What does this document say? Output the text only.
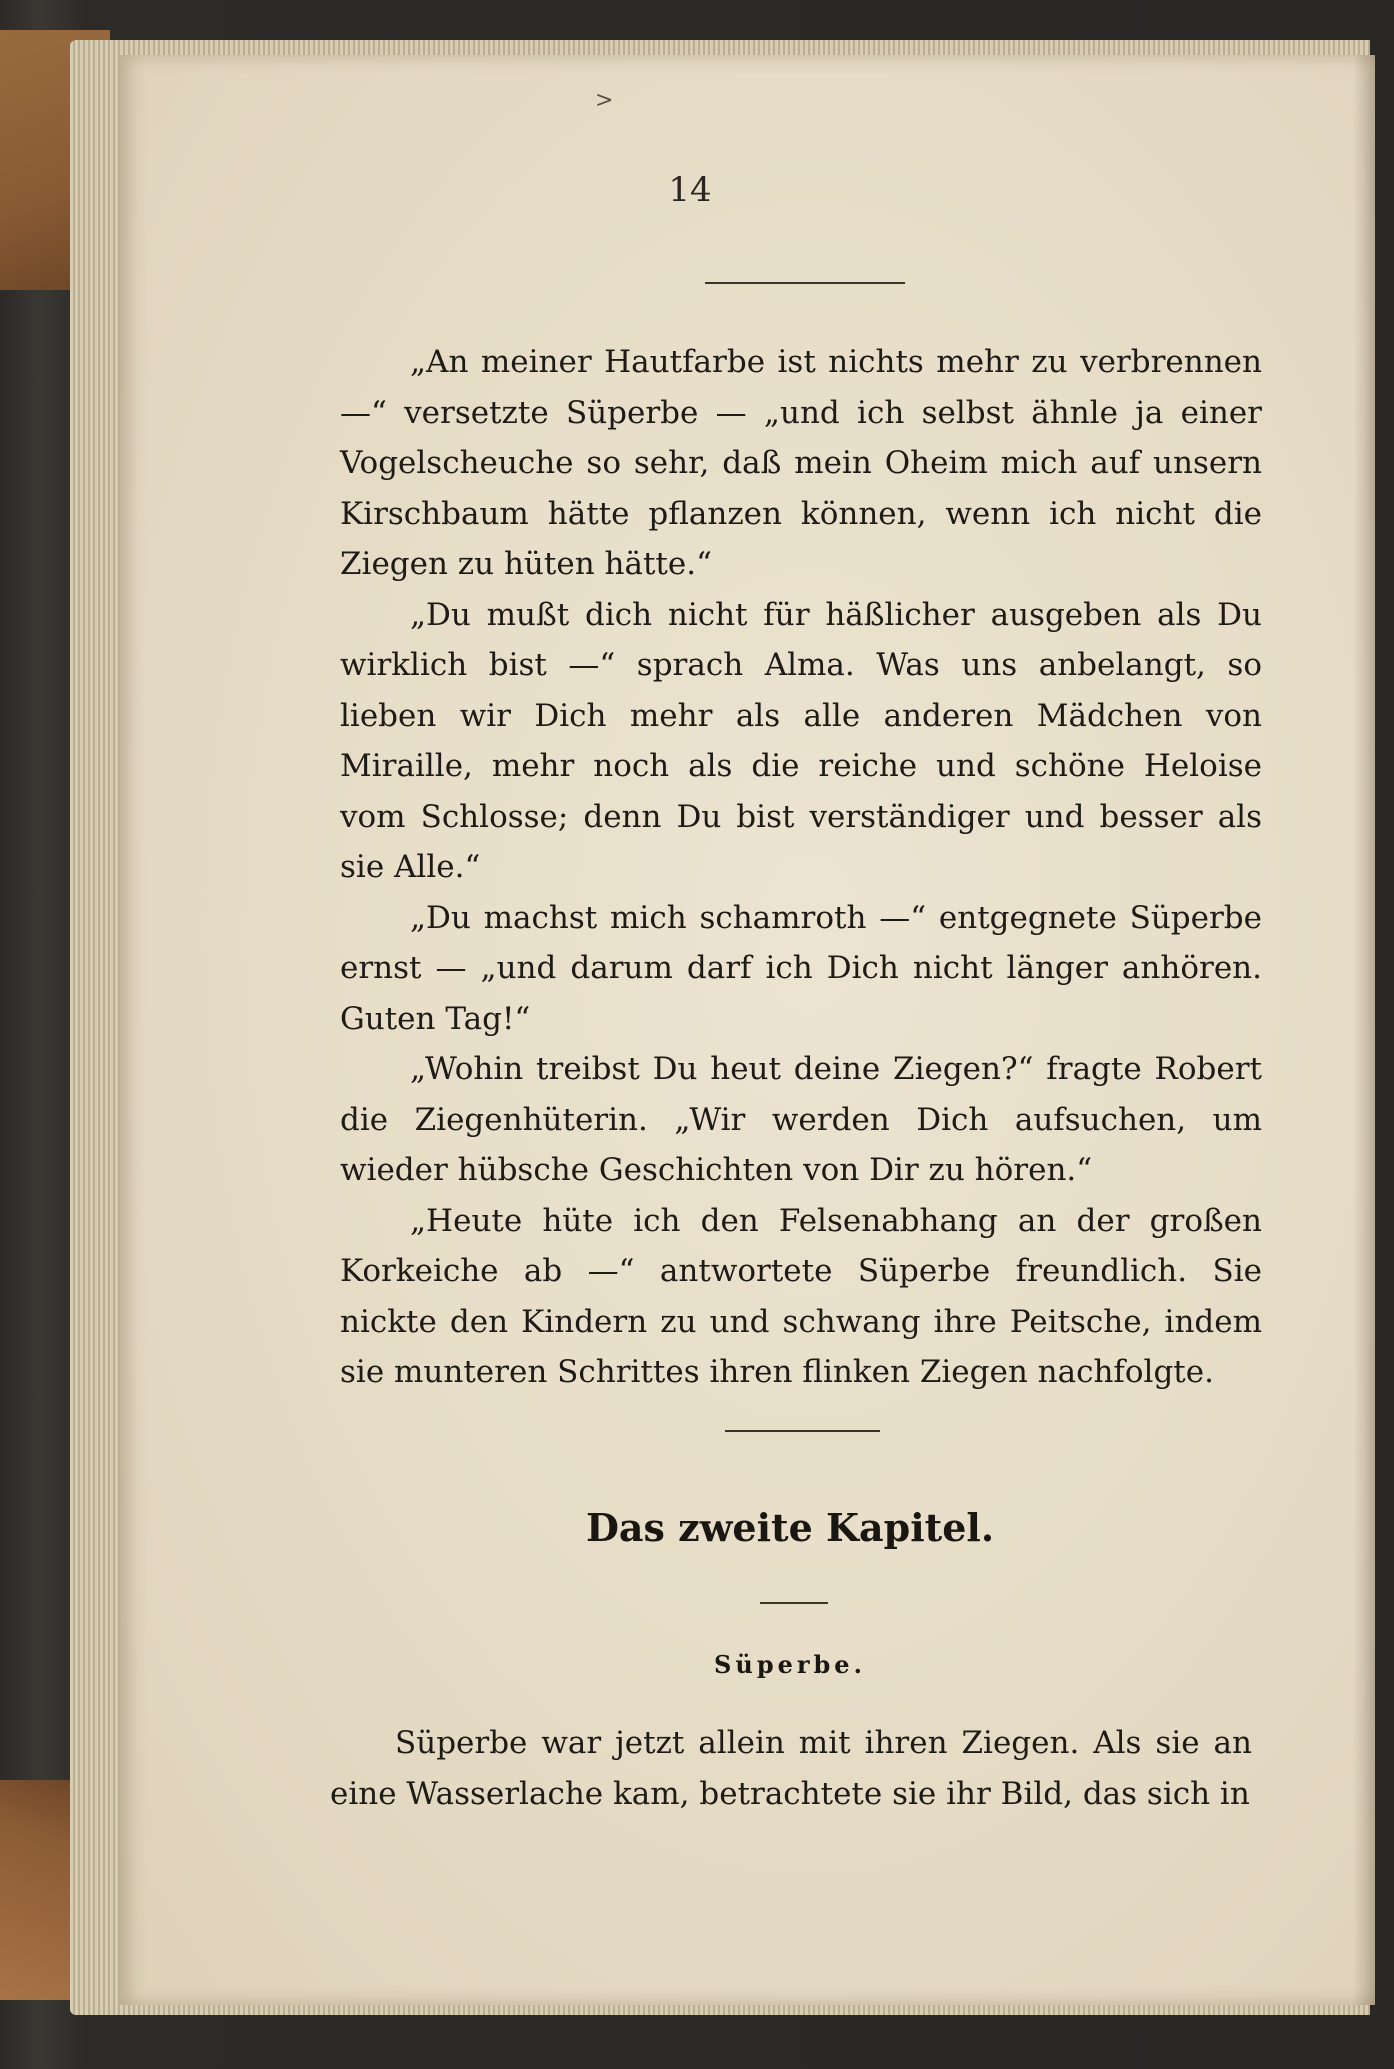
>
14

„An meiner Hautfarbe ist nichts mehr zu verbrennen —“ versetzte Süperbe — „und ich selbst ähnle ja einer Vogelscheuche so sehr, daß mein Oheim mich auf unsern Kirschbaum hätte pflanzen können, wenn ich nicht die Ziegen zu hüten hätte.“

„Du mußt dich nicht für häßlicher ausgeben als Du wirklich bist —“ sprach Alma. Was uns anbelangt, so lieben wir Dich mehr als alle anderen Mädchen von Miraille, mehr noch als die reiche und schöne Heloise vom Schlosse; denn Du bist verständiger und besser als sie Alle.“

„Du machst mich schamroth —“ entgegnete Süperbe ernst — „und darum darf ich Dich nicht länger anhören. Guten Tag!“

„Wohin treibst Du heut deine Ziegen?“ fragte Robert die Ziegenhüterin. „Wir werden Dich aufsuchen, um wieder hübsche Geschichten von Dir zu hören.“

„Heute hüte ich den Felsenabhang an der großen Korkeiche ab —“ antwortete Süperbe freundlich. Sie nickte den Kindern zu und schwang ihre Peitsche, indem sie munteren Schrittes ihren flinken Ziegen nachfolgte.

Das zweite Kapitel.
Süperbe.

Süperbe war jetzt allein mit ihren Ziegen. Als sie an eine Wasserlache kam, betrachtete sie ihr Bild, das sich in
